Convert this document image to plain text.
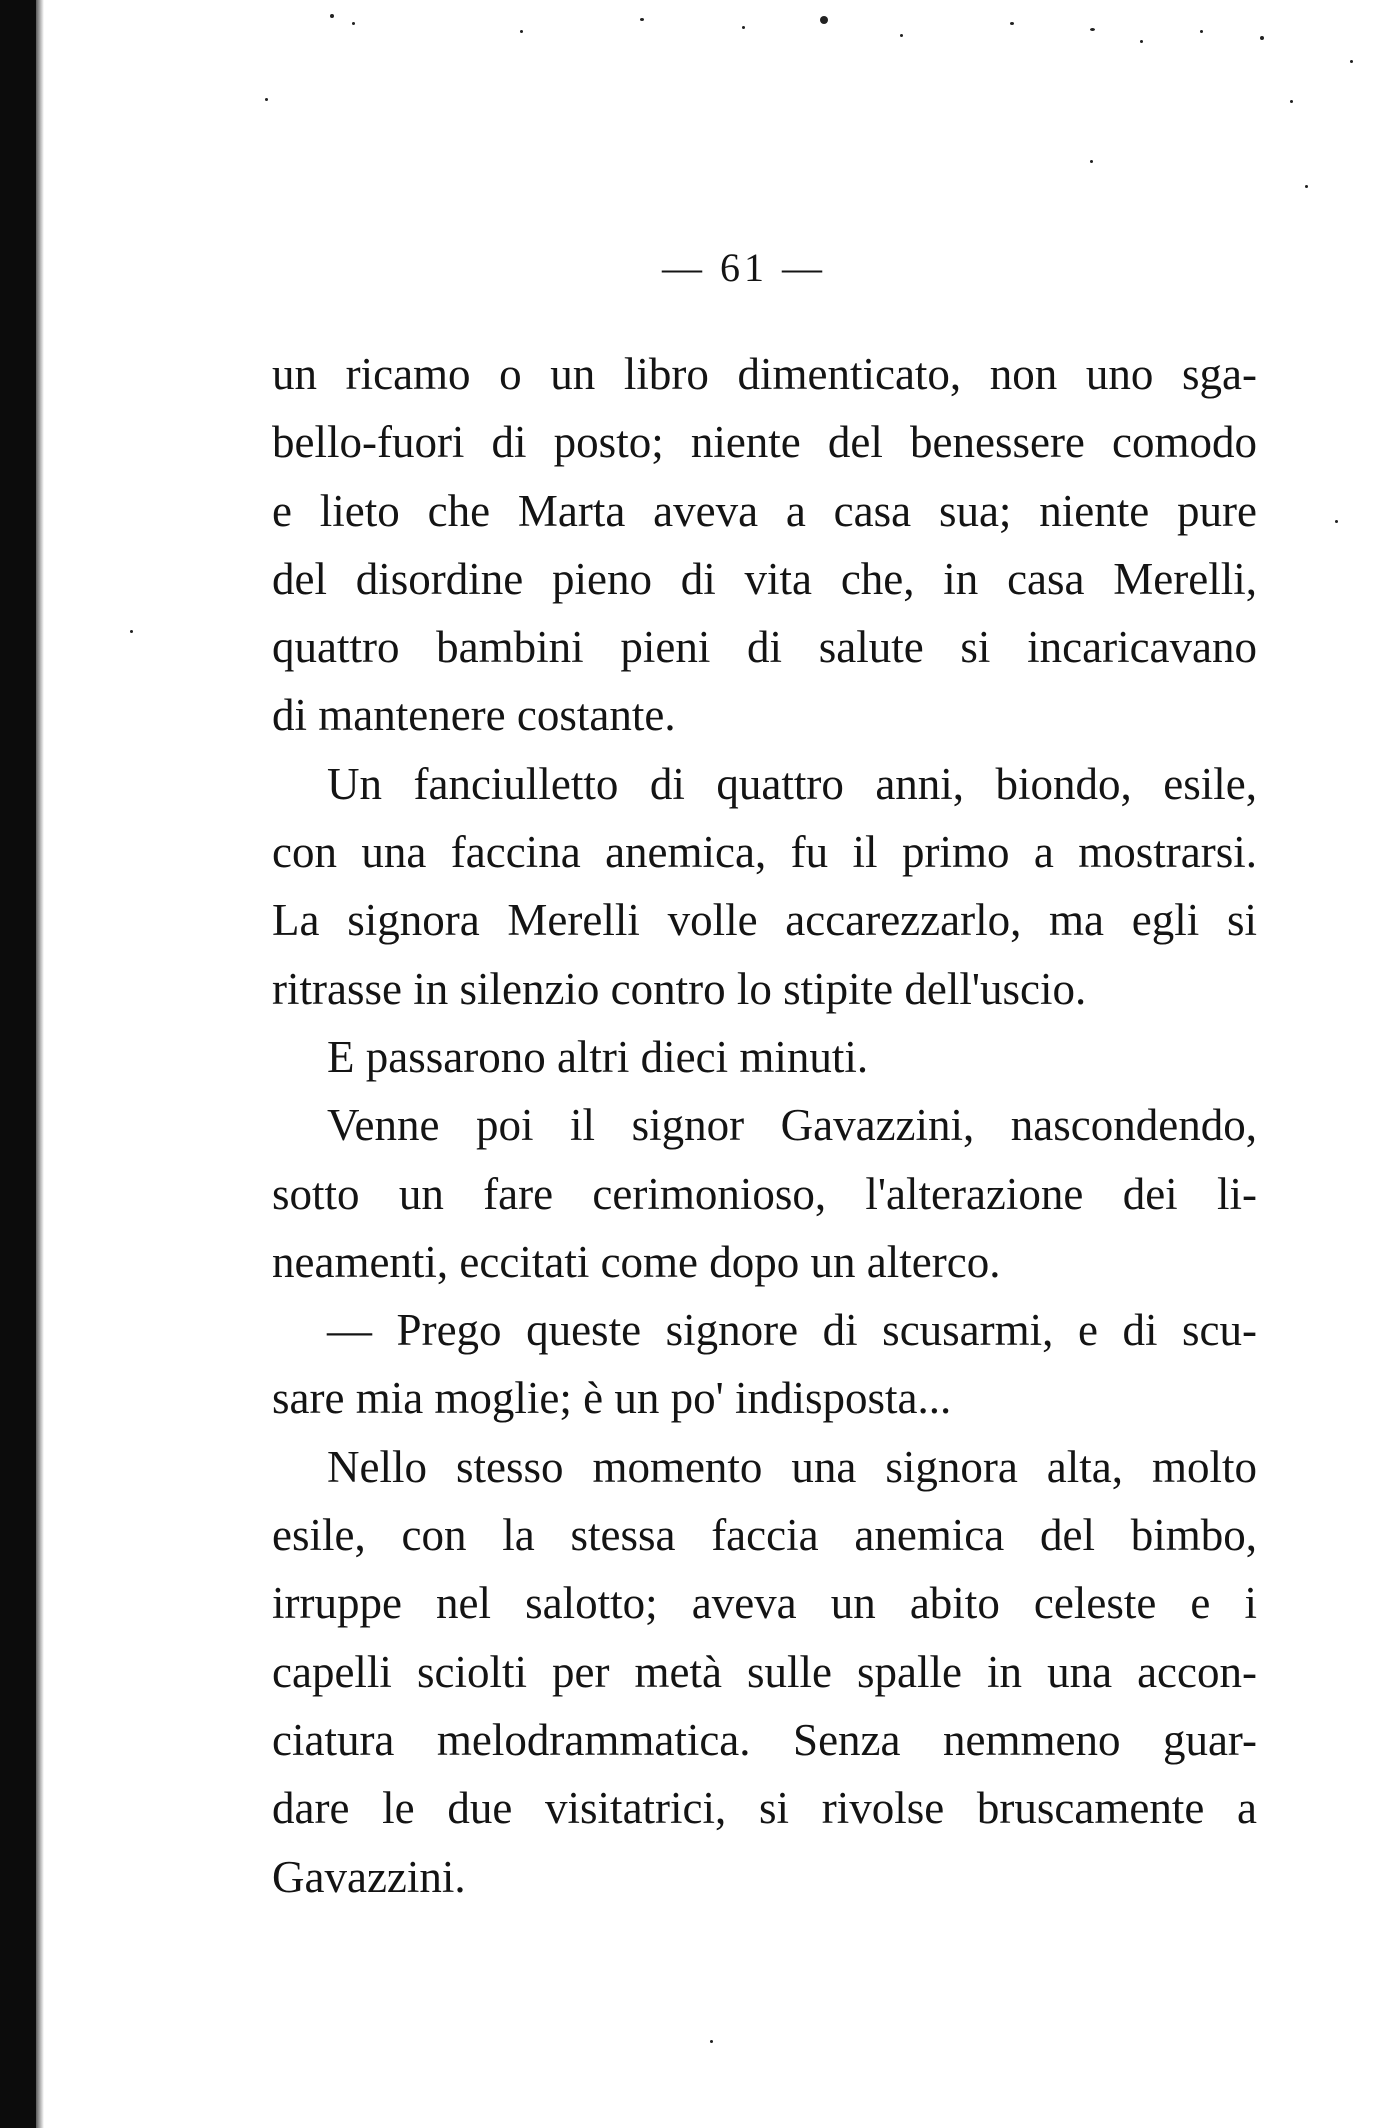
— 61 —
un ricamo o un libro dimenticato, non uno sga-
bello-fuori di posto; niente del benessere comodo
e lieto che Marta aveva a casa sua; niente pure
del disordine pieno di vita che, in casa Merelli,
quattro bambini pieni di salute si incaricavano
di mantenere costante.
Un fanciulletto di quattro anni, biondo, esile,
con una faccina anemica, fu il primo a mostrarsi.
La signora Merelli volle accarezzarlo, ma egli si
ritrasse in silenzio contro lo stipite dell'uscio.
E passarono altri dieci minuti.
Venne poi il signor Gavazzini, nascondendo,
sotto un fare cerimonioso, l'alterazione dei li-
neamenti, eccitati come dopo un alterco.
— Prego queste signore di scusarmi, e di scu-
sare mia moglie; è un po' indisposta...
Nello stesso momento una signora alta, molto
esile, con la stessa faccia anemica del bimbo,
irruppe nel salotto; aveva un abito celeste e i
capelli sciolti per metà sulle spalle in una accon-
ciatura melodrammatica. Senza nemmeno guar-
dare le due visitatrici, si rivolse bruscamente a
Gavazzini.
